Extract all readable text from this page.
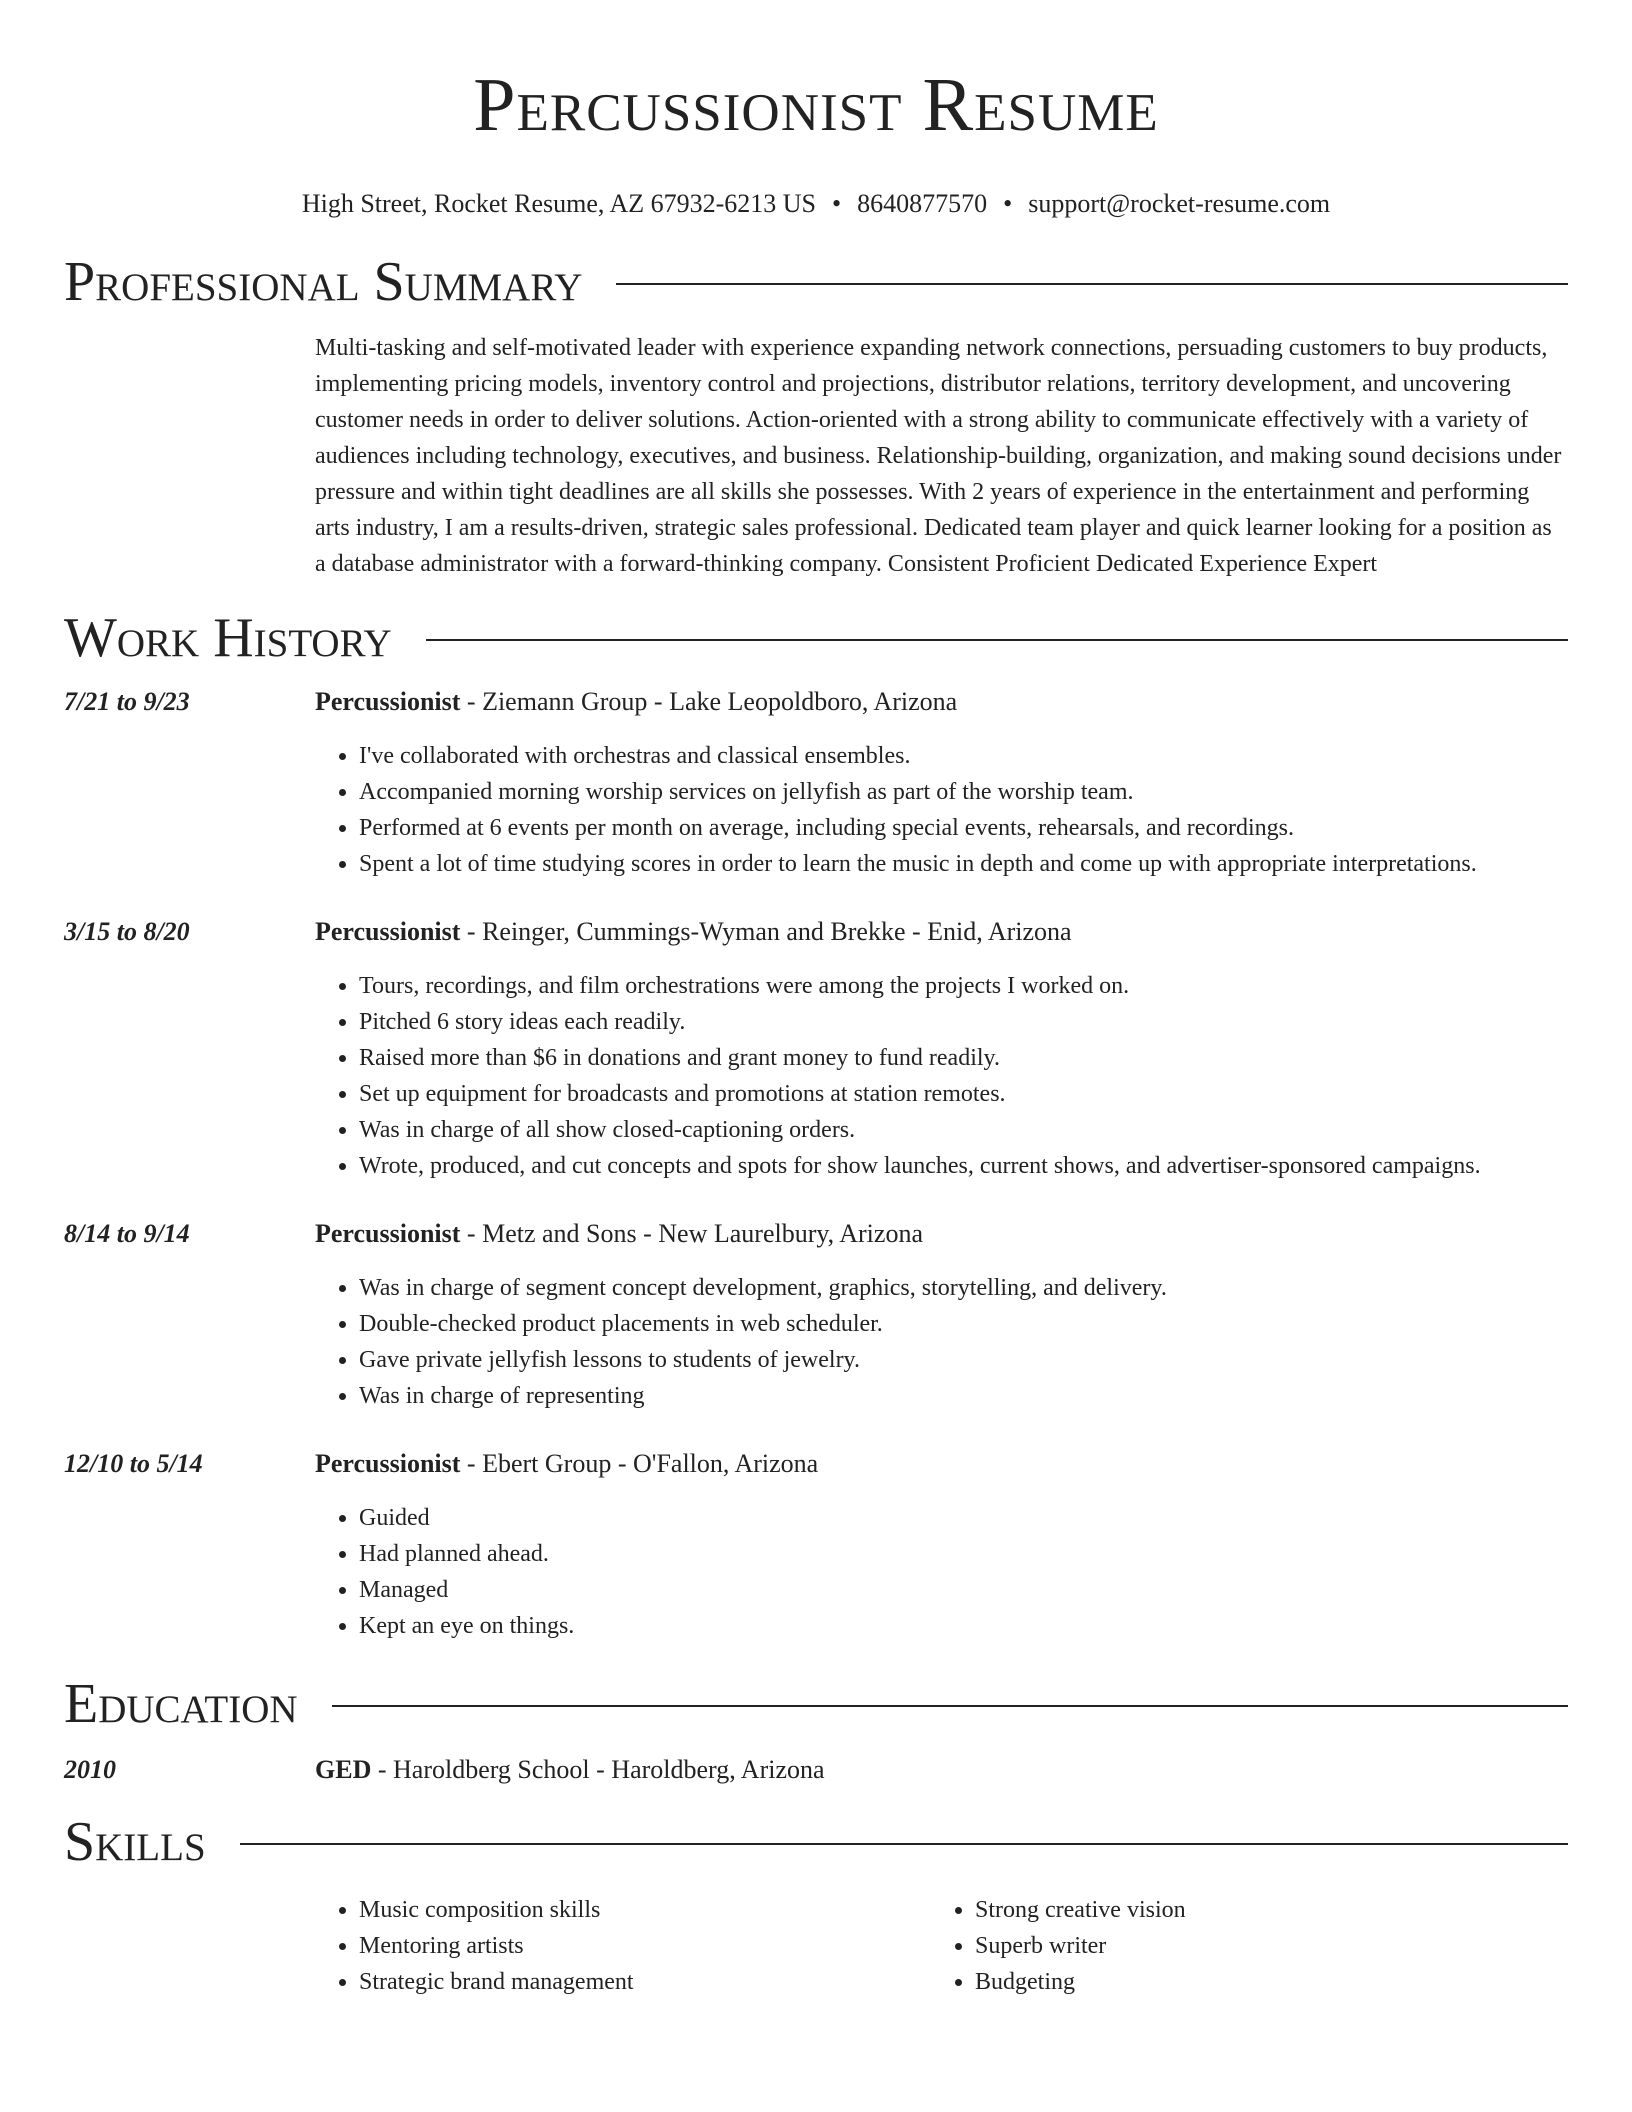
Percussionist Resume
High Street, Rocket Resume, AZ 67932-6213 US • 8640877570 • support@rocket-resume.com
Professional Summary
Multi-tasking and self-motivated leader with experience expanding network connections, persuading customers to buy products, implementing pricing models, inventory control and projections, distributor relations, territory development, and uncovering customer needs in order to deliver solutions. Action-oriented with a strong ability to communicate effectively with a variety of audiences including technology, executives, and business. Relationship-building, organization, and making sound decisions under pressure and within tight deadlines are all skills she possesses. With 2 years of experience in the entertainment and performing arts industry, I am a results-driven, strategic sales professional. Dedicated team player and quick learner looking for a position as a database administrator with a forward-thinking company. Consistent Proficient Dedicated Experience Expert
Work History
7/21 to 9/23	Percussionist - Ziemann Group - Lake Leopoldboro, Arizona
• I've collaborated with orchestras and classical ensembles.
• Accompanied morning worship services on jellyfish as part of the worship team.
• Performed at 6 events per month on average, including special events, rehearsals, and recordings.
• Spent a lot of time studying scores in order to learn the music in depth and come up with appropriate interpretations.
3/15 to 8/20	Percussionist - Reinger, Cummings-Wyman and Brekke - Enid, Arizona
• Tours, recordings, and film orchestrations were among the projects I worked on.
• Pitched 6 story ideas each readily.
• Raised more than $6 in donations and grant money to fund readily.
• Set up equipment for broadcasts and promotions at station remotes.
• Was in charge of all show closed-captioning orders.
• Wrote, produced, and cut concepts and spots for show launches, current shows, and advertiser-sponsored campaigns.
8/14 to 9/14	Percussionist - Metz and Sons - New Laurelbury, Arizona
• Was in charge of segment concept development, graphics, storytelling, and delivery.
• Double-checked product placements in web scheduler.
• Gave private jellyfish lessons to students of jewelry.
• Was in charge of representing
12/10 to 5/14	Percussionist - Ebert Group - O'Fallon, Arizona
• Guided
• Had planned ahead.
• Managed
• Kept an eye on things.
Education
2010	GED - Haroldberg School - Haroldberg, Arizona
Skills
• Music composition skills
• Mentoring artists
• Strategic brand management
• Strong creative vision
• Superb writer
• Budgeting
